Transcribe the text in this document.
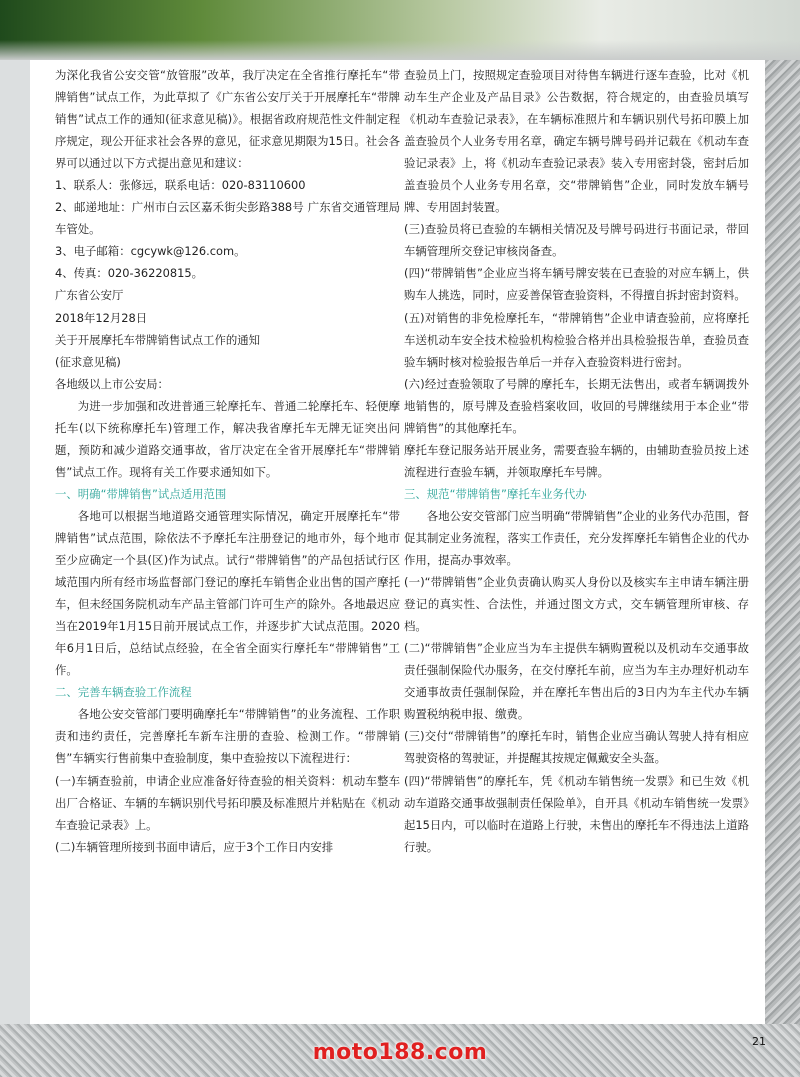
为深化我省公安交管“放管服”改革，我厅决定在全省推行摩托车“带牌销售”试点工作，为此草拟了《广东省公安厅关于开展摩托车“带牌销售”试点工作的通知(征求意见稿)》。根据省政府规范性文件制定程序规定，现公开征求社会各界的意见，征求意见期限为15日。社会各界可以通过以下方式提出意见和建议：

1、联系人：张修远，联系电话：020-83110600

2、邮递地址：广州市白云区嘉禾街尖彭路388号 广东省交通管理局车管处。

3、电子邮箱：cgcywk@126.com。

4、传真：020-36220815。

广东省公安厅

2018年12月28日

关于开展摩托车带牌销售试点工作的通知

(征求意见稿)

各地级以上市公安局：

为进一步加强和改进普通三轮摩托车、普通二轮摩托车、轻便摩托车(以下统称摩托车)管理工作，解决我省摩托车无牌无证突出问题，预防和减少道路交通事故，省厅决定在全省开展摩托车“带牌销售”试点工作。现将有关工作要求通知如下。

一、明确“带牌销售”试点适用范围

各地可以根据当地道路交通管理实际情况，确定开展摩托车“带牌销售”试点范围，除依法不予摩托车注册登记的地市外，每个地市至少应确定一个县(区)作为试点。试行“带牌销售”的产品包括试行区域范围内所有经市场监督部门登记的摩托车销售企业出售的国产摩托车，但未经国务院机动车产品主管部门许可生产的除外。各地最迟应当在2019年1月15日前开展试点工作，并逐步扩大试点范围。2020年6月1日后，总结试点经验，在全省全面实行摩托车“带牌销售”工作。

二、完善车辆查验工作流程

各地公安交管部门要明确摩托车“带牌销售”的业务流程、工作职责和违约责任，完善摩托车新车注册的查验、检测工作。“带牌销售”车辆实行售前集中查验制度，集中查验按以下流程进行：

(一)车辆查验前，申请企业应准备好待查验的相关资料：机动车整车出厂合格证、车辆的车辆识别代号拓印膜及标准照片并粘贴在《机动车查验记录表》上。

(二)车辆管理所接到书面申请后，应于3个工作日内安排

查验员上门，按照规定查验项目对待售车辆进行逐车查验，比对《机动车生产企业及产品目录》公告数据，符合规定的，由查验员填写《机动车查验记录表》，在车辆标准照片和车辆识别代号拓印膜上加盖查验员个人业务专用名章，确定车辆号牌号码并记载在《机动车查验记录表》上，将《机动车查验记录表》装入专用密封袋，密封后加盖查验员个人业务专用名章，交“带牌销售”企业，同时发放车辆号牌、专用固封装置。

(三)查验员将已查验的车辆相关情况及号牌号码进行书面记录，带回车辆管理所交登记审核岗备查。

(四)“带牌销售”企业应当将车辆号牌安装在已查验的对应车辆上，供购车人挑选，同时，应妥善保管查验资料，不得擅自拆封密封资料。

(五)对销售的非免检摩托车，“带牌销售”企业申请查验前，应将摩托车送机动车安全技术检验机构检验合格并出具检验报告单，查验员查验车辆时核对检验报告单后一并存入查验资料进行密封。

(六)经过查验领取了号牌的摩托车，长期无法售出，或者车辆调拨外地销售的，原号牌及查验档案收回，收回的号牌继续用于本企业“带牌销售”的其他摩托车。

摩托车登记服务站开展业务，需要查验车辆的，由辅助查验员按上述流程进行查验车辆，并领取摩托车号牌。

三、规范“带牌销售”摩托车业务代办

各地公安交管部门应当明确“带牌销售”企业的业务代办范围，督促其制定业务流程，落实工作责任，充分发挥摩托车销售企业的代办作用，提高办事效率。

(一)“带牌销售”企业负责确认购买人身份以及核实车主申请车辆注册登记的真实性、合法性，并通过图文方式，交车辆管理所审核、存档。

(二)“带牌销售”企业应当为车主提供车辆购置税以及机动车交通事故责任强制保险代办服务，在交付摩托车前，应当为车主办理好机动车交通事故责任强制保险，并在摩托车售出后的3日内为车主代办车辆购置税纳税申报、缴费。

(三)交付“带牌销售”的摩托车时，销售企业应当确认驾驶人持有相应驾驶资格的驾驶证，并提醒其按规定佩戴安全头盔。

(四)“带牌销售”的摩托车，凭《机动车销售统一发票》和已生效《机动车道路交通事故强制责任保险单》，自开具《机动车销售统一发票》起15日内，可以临时在道路上行驶，未售出的摩托车不得违法上道路行驶。

21
moto188.com
